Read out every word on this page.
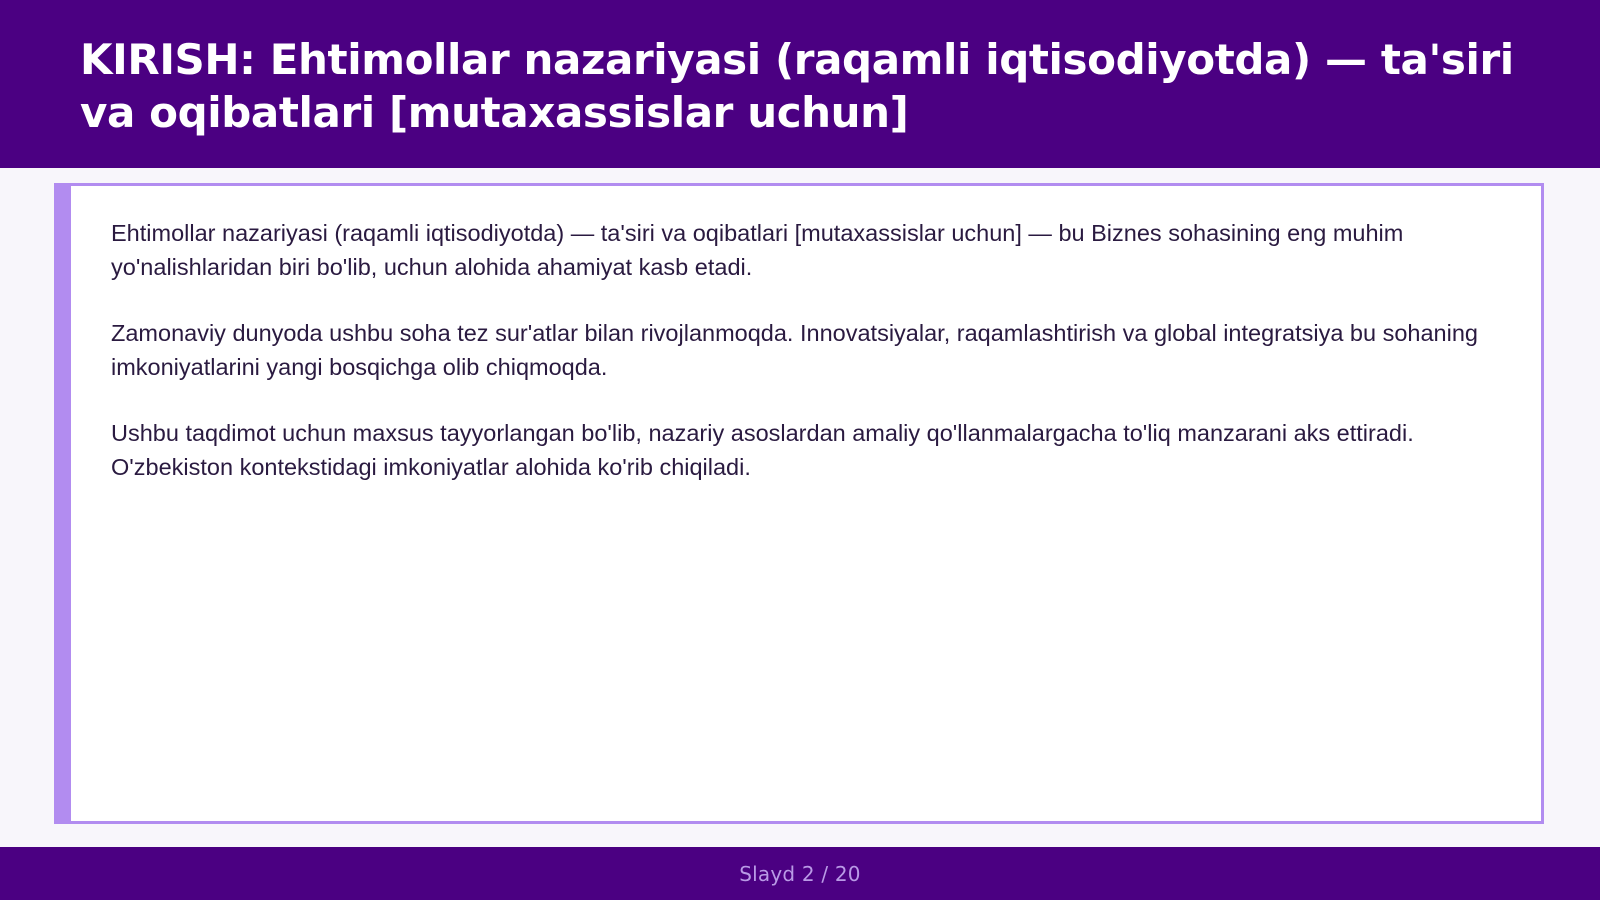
KIRISH: Ehtimollar nazariyasi (raqamli iqtisodiyotda) — ta'siri va oqibatlari [mutaxassislar uchun]

Ehtimollar nazariyasi (raqamli iqtisodiyotda) — ta'siri va oqibatlari [mutaxassislar uchun] — bu Biznes sohasining eng muhim yo'nalishlaridan biri bo'lib, uchun alohida ahamiyat kasb etadi.

Zamonaviy dunyoda ushbu soha tez sur'atlar bilan rivojlanmoqda. Innovatsiyalar, raqamlashtirish va global integratsiya bu sohaning imkoniyatlarini yangi bosqichga olib chiqmoqda.

Ushbu taqdimot uchun maxsus tayyorlangan bo'lib, nazariy asoslardan amaliy qo'llanmalargacha to'liq manzarani aks ettiradi. O'zbekiston kontekstidagi imkoniyatlar alohida ko'rib chiqiladi.

Slayd 2 / 20
